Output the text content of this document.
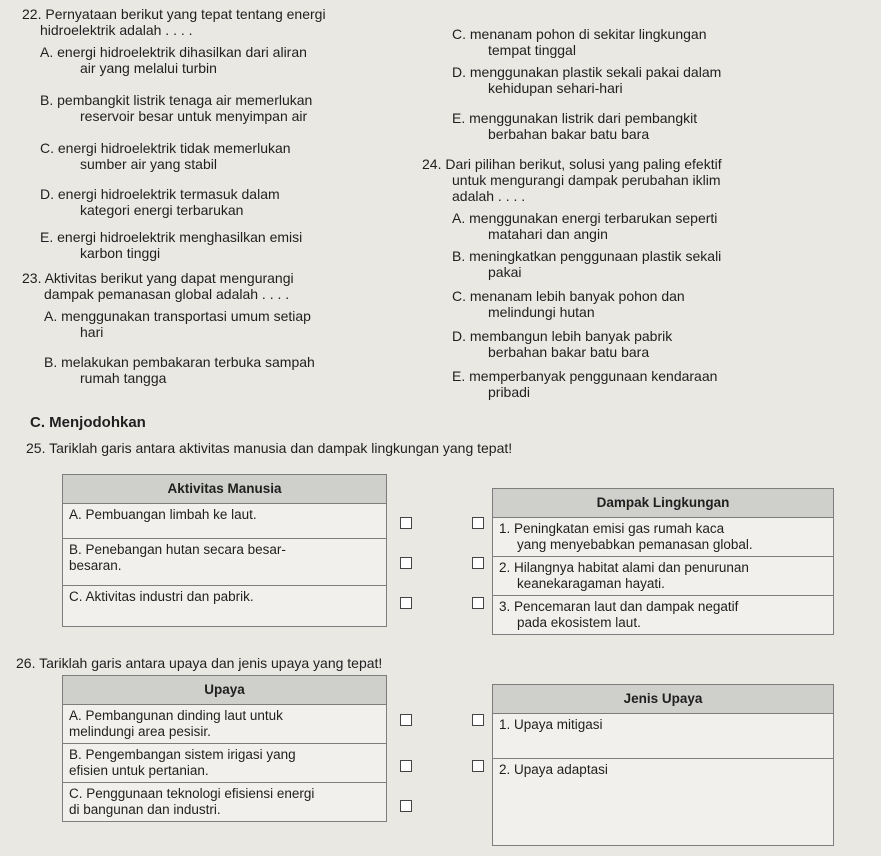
22. Pernyataan berikut yang tepat tentang energi
hidroelektrik adalah . . . .
A. energi hidroelektrik dihasilkan dari aliran
air yang melalui turbin
B. pembangkit listrik tenaga air memerlukan
reservoir besar untuk menyimpan air
C. energi hidroelektrik tidak memerlukan
sumber air yang stabil
D. energi hidroelektrik termasuk dalam
kategori energi terbarukan
E. energi hidroelektrik menghasilkan emisi
karbon tinggi
23. Aktivitas berikut yang dapat mengurangi
dampak pemanasan global adalah . . . .
A. menggunakan transportasi umum setiap
hari
B. melakukan pembakaran terbuka sampah
rumah tangga
C. menanam pohon di sekitar lingkungan
tempat tinggal
D. menggunakan plastik sekali pakai dalam
kehidupan sehari-hari
E. menggunakan listrik dari pembangkit
berbahan bakar batu bara
24. Dari pilihan berikut, solusi yang paling efektif
untuk mengurangi dampak perubahan iklim
adalah . . . .
A. menggunakan energi terbarukan seperti
matahari dan angin
B. meningkatkan penggunaan plastik sekali
pakai
C. menanam lebih banyak pohon dan
melindungi hutan
D. membangun lebih banyak pabrik
berbahan bakar batu bara
E. memperbanyak penggunaan kendaraan
pribadi
C. Menjodohkan
25. Tariklah garis antara aktivitas manusia dan dampak lingkungan yang tepat!
Aktivitas Manusia
A. Pembuangan limbah ke laut.
B. Penebangan hutan secara besar-
besaran.
C. Aktivitas industri dan pabrik.
Dampak Lingkungan
1. Peningkatan emisi gas rumah kaca

yang menyebabkan pemanasan global.

2. Hilangnya habitat alami dan penurunan

keanekaragaman hayati.

3. Pencemaran laut dan dampak negatif

pada ekosistem laut.
26. Tariklah garis antara upaya dan jenis upaya yang tepat!
Upaya
A. Pembangunan dinding laut untuk
melindungi area pesisir.
B. Pengembangan sistem irigasi yang
efisien untuk pertanian.
C. Penggunaan teknologi efisiensi energi
di bangunan dan industri.
Jenis Upaya
1. Upaya mitigasi
2. Upaya adaptasi
